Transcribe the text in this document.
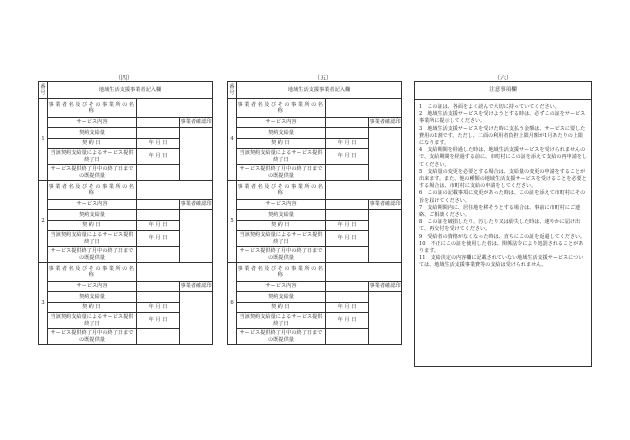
（四）	（五）	（六）
番号	地域生活支援事業者記入欄		
1	事業者名及びその事業所の名称		
	サービス内容		事業者確認印
	契約支給量		
	契約日	年 月 日	
	当該契約支給量によるサービス提供終了日	年 月 日	
	サービス提供終了月中の終了日までの既提供量		
2	事業者名及びその事業所の名称		
	サービス内容		事業者確認印
	契約支給量		
	契約日	年 月 日	
	当該契約支給量によるサービス提供終了日	年 月 日	
	サービス提供終了月中の終了日までの既提供量		
3	事業者名及びその事業所の名称		
	サービス内容		事業者確認印
	契約支給量		
	契約日	年 月 日	
	当該契約支給量によるサービス提供終了日	年 月 日	
	サービス提供終了月中の終了日までの既提供量		
番号	地域生活支援事業者記入欄		
4	事業者名及びその事業所の名称		
	サービス内容		事業者確認印
	契約支給量		
	契約日	年 月 日	
	当該契約支給量によるサービス提供終了日	年 月 日	
	サービス提供終了月中の終了日までの既提供量		
5	事業者名及びその事業所の名称		
	サービス内容		事業者確認印
	契約支給量		
	契約日	年 月 日	
	当該契約支給量によるサービス提供終了日	年 月 日	
	サービス提供終了月中の終了日までの既提供量		
6	事業者名及びその事業所の名称		
	サービス内容		事業者確認印
	契約支給量		
	契約日	年 月 日	
	当該契約支給量によるサービス提供終了日	年 月 日	
	サービス提供終了月中の終了日までの既提供量		
注意事項欄
1　この証は、各面をよく読んで大切に持っていてください。
2　地域生活支援サービスを受けようとする時は、必ずこの証をサービス事業所に提示してください。
3　地域生活支援サービスを受けた時に支払う金額は、サービスに要した費用の1割です。ただし、二面の利用者負担上限月額が1月あたりの上限になります。
4　支給期間を経過した時は、地域生活支援サービスを受けられませんので、支給期間を経過する前に、市町村にこの証を添えて支給の再申請をしてください。
5　支給量の変更を必要とする場合は、支給量の変更の申請をすることが出来ます。また、他の種類の地域生活支援サービスを受けることを必要とする場合は、市町村に支給の申請をしてください。
6　この証の記載事項に変更があった時は、この証を添えて市町村にその旨を届けてください。
7　支給期間内に、居住地を移そうとする場合は、事前に市町村にご連絡、ご相談ください。
8　この証を破損したり、汚したり又は紛失した時は、速やかに届け出て、再交付を受けてください。
9　受給者の資格がなくなった時は、直ちにこの証を返還してください。
10　不正にこの証を使用した者は、関係法令により処罰されることがあります。
11　支給決定の内容欄に記載されていない地域生活支援サービスについては、地域生活支援事業費等の支給は受けられません。
